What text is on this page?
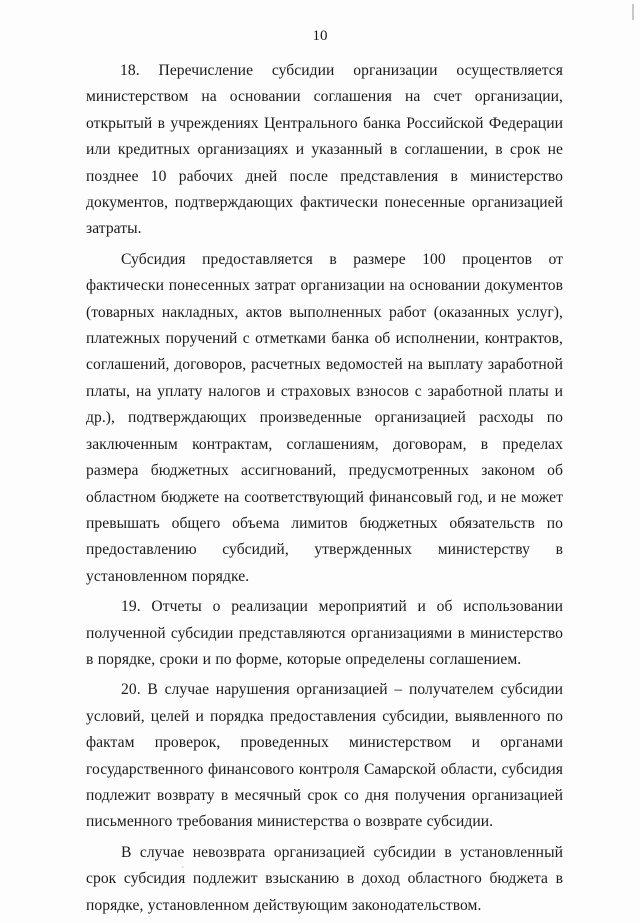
10

18. Перечисление субсидии организации осуществляется министерством на основании соглашения на счет организации, открытый в учреждениях Центрального банка Российской Федерации или кредитных организациях и указанный в соглашении, в срок не позднее 10 рабочих дней после представления в министерство документов, подтверждающих фактически понесенные организацией затраты.

Субсидия предоставляется в размере 100 процентов от фактически понесенных затрат организации на основании документов (товарных накладных, актов выполненных работ (оказанных услуг), платежных поручений с отметками банка об исполнении, контрактов, соглашений, договоров, расчетных ведомостей на выплату заработной платы, на уплату налогов и страховых взносов с заработной платы и др.), подтверждающих произведенные организацией расходы по заключенным контрактам, соглашениям, договорам, в пределах размера бюджетных ассигнований, предусмотренных законом об областном бюджете на соответствующий финансовый год, и не может превышать общего объема лимитов бюджетных обязательств по предоставлению субсидий, утвержденных министерству в установленном порядке.

19. Отчеты о реализации мероприятий и об использовании полученной субсидии представляются организациями в министерство в порядке, сроки и по форме, которые определены соглашением.

20. В случае нарушения организацией – получателем субсидии условий, целей и порядка предоставления субсидии, выявленного по фактам проверок, проведенных министерством и органами государственного финансового контроля Самарской области, субсидия подлежит возврату в месячный срок со дня получения организацией письменного требования министерства о возврате субсидии.

В случае невозврата организацией субсидии в установленный срок субсидия подлежит взысканию в доход областного бюджета в порядке, установленном действующим законодательством.

˙ ˎ
